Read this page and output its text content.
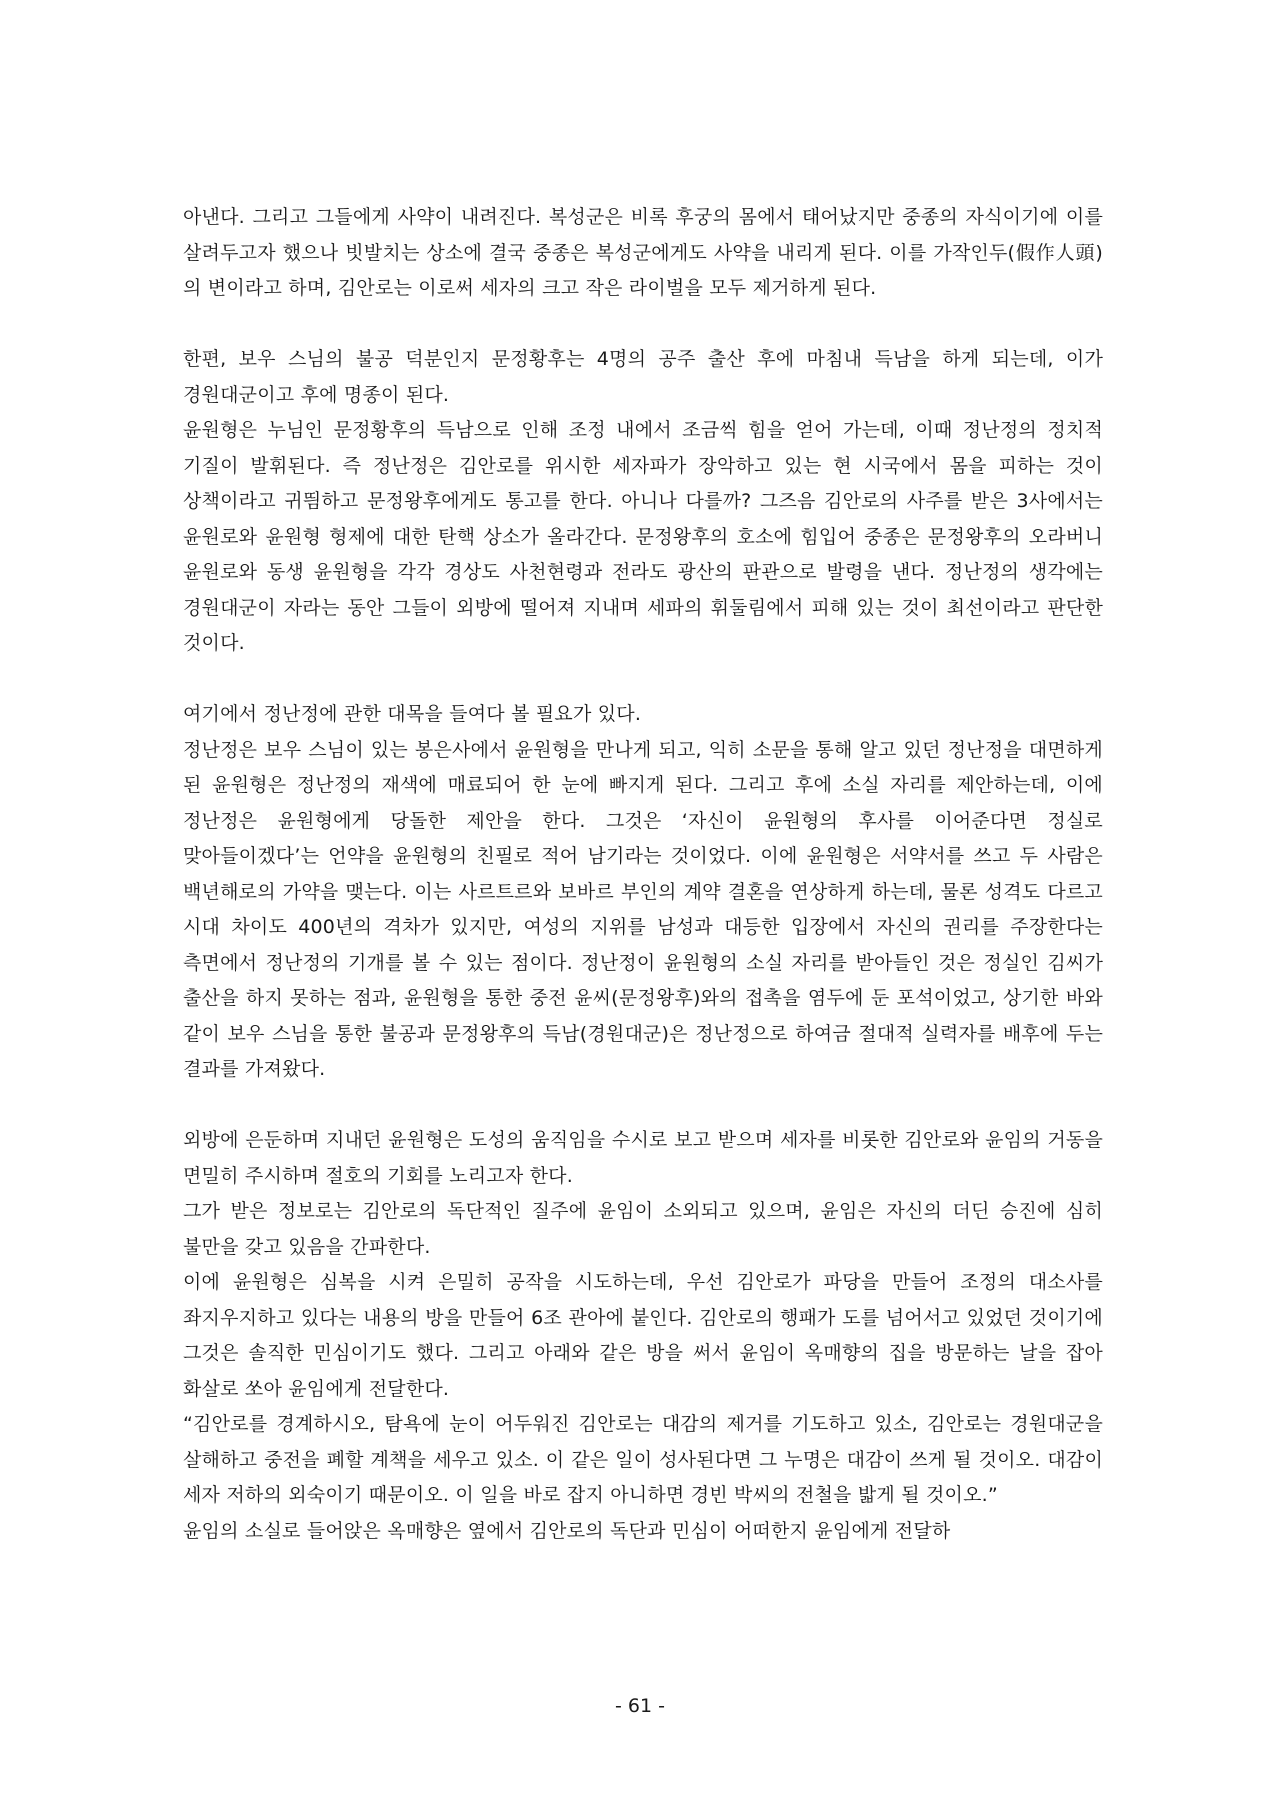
아낸다. 그리고 그들에게 사약이 내려진다. 복성군은 비록 후궁의 몸에서 태어났지만 중종의 자식이기에 이를 살려두고자 했으나 빗발치는 상소에 결국 중종은 복성군에게도 사약을 내리게 된다. 이를 가작인두(假作人頭)의 변이라고 하며, 김안로는 이로써 세자의 크고 작은 라이벌을 모두 제거하게 된다.

한편, 보우 스님의 불공 덕분인지 문정황후는 4명의 공주 출산 후에 마침내 득남을 하게 되는데, 이가 경원대군이고 후에 명종이 된다.

윤원형은 누님인 문정황후의 득남으로 인해 조정 내에서 조금씩 힘을 얻어 가는데, 이때 정난정의 정치적 기질이 발휘된다. 즉 정난정은 김안로를 위시한 세자파가 장악하고 있는 현 시국에서 몸을 피하는 것이 상책이라고 귀띔하고 문정왕후에게도 통고를 한다. 아니나 다를까? 그즈음 김안로의 사주를 받은 3사에서는 윤원로와 윤원형 형제에 대한 탄핵 상소가 올라간다. 문정왕후의 호소에 힘입어 중종은 문정왕후의 오라버니 윤원로와 동생 윤원형을 각각 경상도 사천현령과 전라도 광산의 판관으로 발령을 낸다. 정난정의 생각에는 경원대군이 자라는 동안 그들이 외방에 떨어져 지내며 세파의 휘둘림에서 피해 있는 것이 최선이라고 판단한 것이다.

여기에서 정난정에 관한 대목을 들여다 볼 필요가 있다.

정난정은 보우 스님이 있는 봉은사에서 윤원형을 만나게 되고, 익히 소문을 통해 알고 있던 정난정을 대면하게 된 윤원형은 정난정의 재색에 매료되어 한 눈에 빠지게 된다. 그리고 후에 소실 자리를 제안하는데, 이에 정난정은 윤원형에게 당돌한 제안을 한다. 그것은 ‘자신이 윤원형의 후사를 이어준다면 정실로 맞아들이겠다’는 언약을 윤원형의 친필로 적어 남기라는 것이었다. 이에 윤원형은 서약서를 쓰고 두 사람은 백년해로의 가약을 맺는다. 이는 사르트르와 보바르 부인의 계약 결혼을 연상하게 하는데, 물론 성격도 다르고 시대 차이도 400년의 격차가 있지만, 여성의 지위를 남성과 대등한 입장에서 자신의 권리를 주장한다는 측면에서 정난정의 기개를 볼 수 있는 점이다. 정난정이 윤원형의 소실 자리를 받아들인 것은 정실인 김씨가 출산을 하지 못하는 점과, 윤원형을 통한 중전 윤씨(문정왕후)와의 접촉을 염두에 둔 포석이었고, 상기한 바와 같이 보우 스님을 통한 불공과 문정왕후의 득남(경원대군)은 정난정으로 하여금 절대적 실력자를 배후에 두는 결과를 가져왔다.

외방에 은둔하며 지내던 윤원형은 도성의 움직임을 수시로 보고 받으며 세자를 비롯한 김안로와 윤임의 거동을 면밀히 주시하며 절호의 기회를 노리고자 한다.

그가 받은 정보로는 김안로의 독단적인 질주에 윤임이 소외되고 있으며, 윤임은 자신의 더딘 승진에 심히 불만을 갖고 있음을 간파한다.

이에 윤원형은 심복을 시켜 은밀히 공작을 시도하는데, 우선 김안로가 파당을 만들어 조정의 대소사를 좌지우지하고 있다는 내용의 방을 만들어 6조 관아에 붙인다. 김안로의 행패가 도를 넘어서고 있었던 것이기에 그것은 솔직한 민심이기도 했다. 그리고 아래와 같은 방을 써서 윤임이 옥매향의 집을 방문하는 날을 잡아 화살로 쏘아 윤임에게 전달한다.

“김안로를 경계하시오, 탐욕에 눈이 어두워진 김안로는 대감의 제거를 기도하고 있소, 김안로는 경원대군을 살해하고 중전을 폐할 계책을 세우고 있소. 이 같은 일이 성사된다면 그 누명은 대감이 쓰게 될 것이오. 대감이 세자 저하의 외숙이기 때문이오. 이 일을 바로 잡지 아니하면 경빈 박씨의 전철을 밟게 될 것이오.”

윤임의 소실로 들어앉은 옥매향은 옆에서 김안로의 독단과 민심이 어떠한지 윤임에게 전달하

- 61 -
